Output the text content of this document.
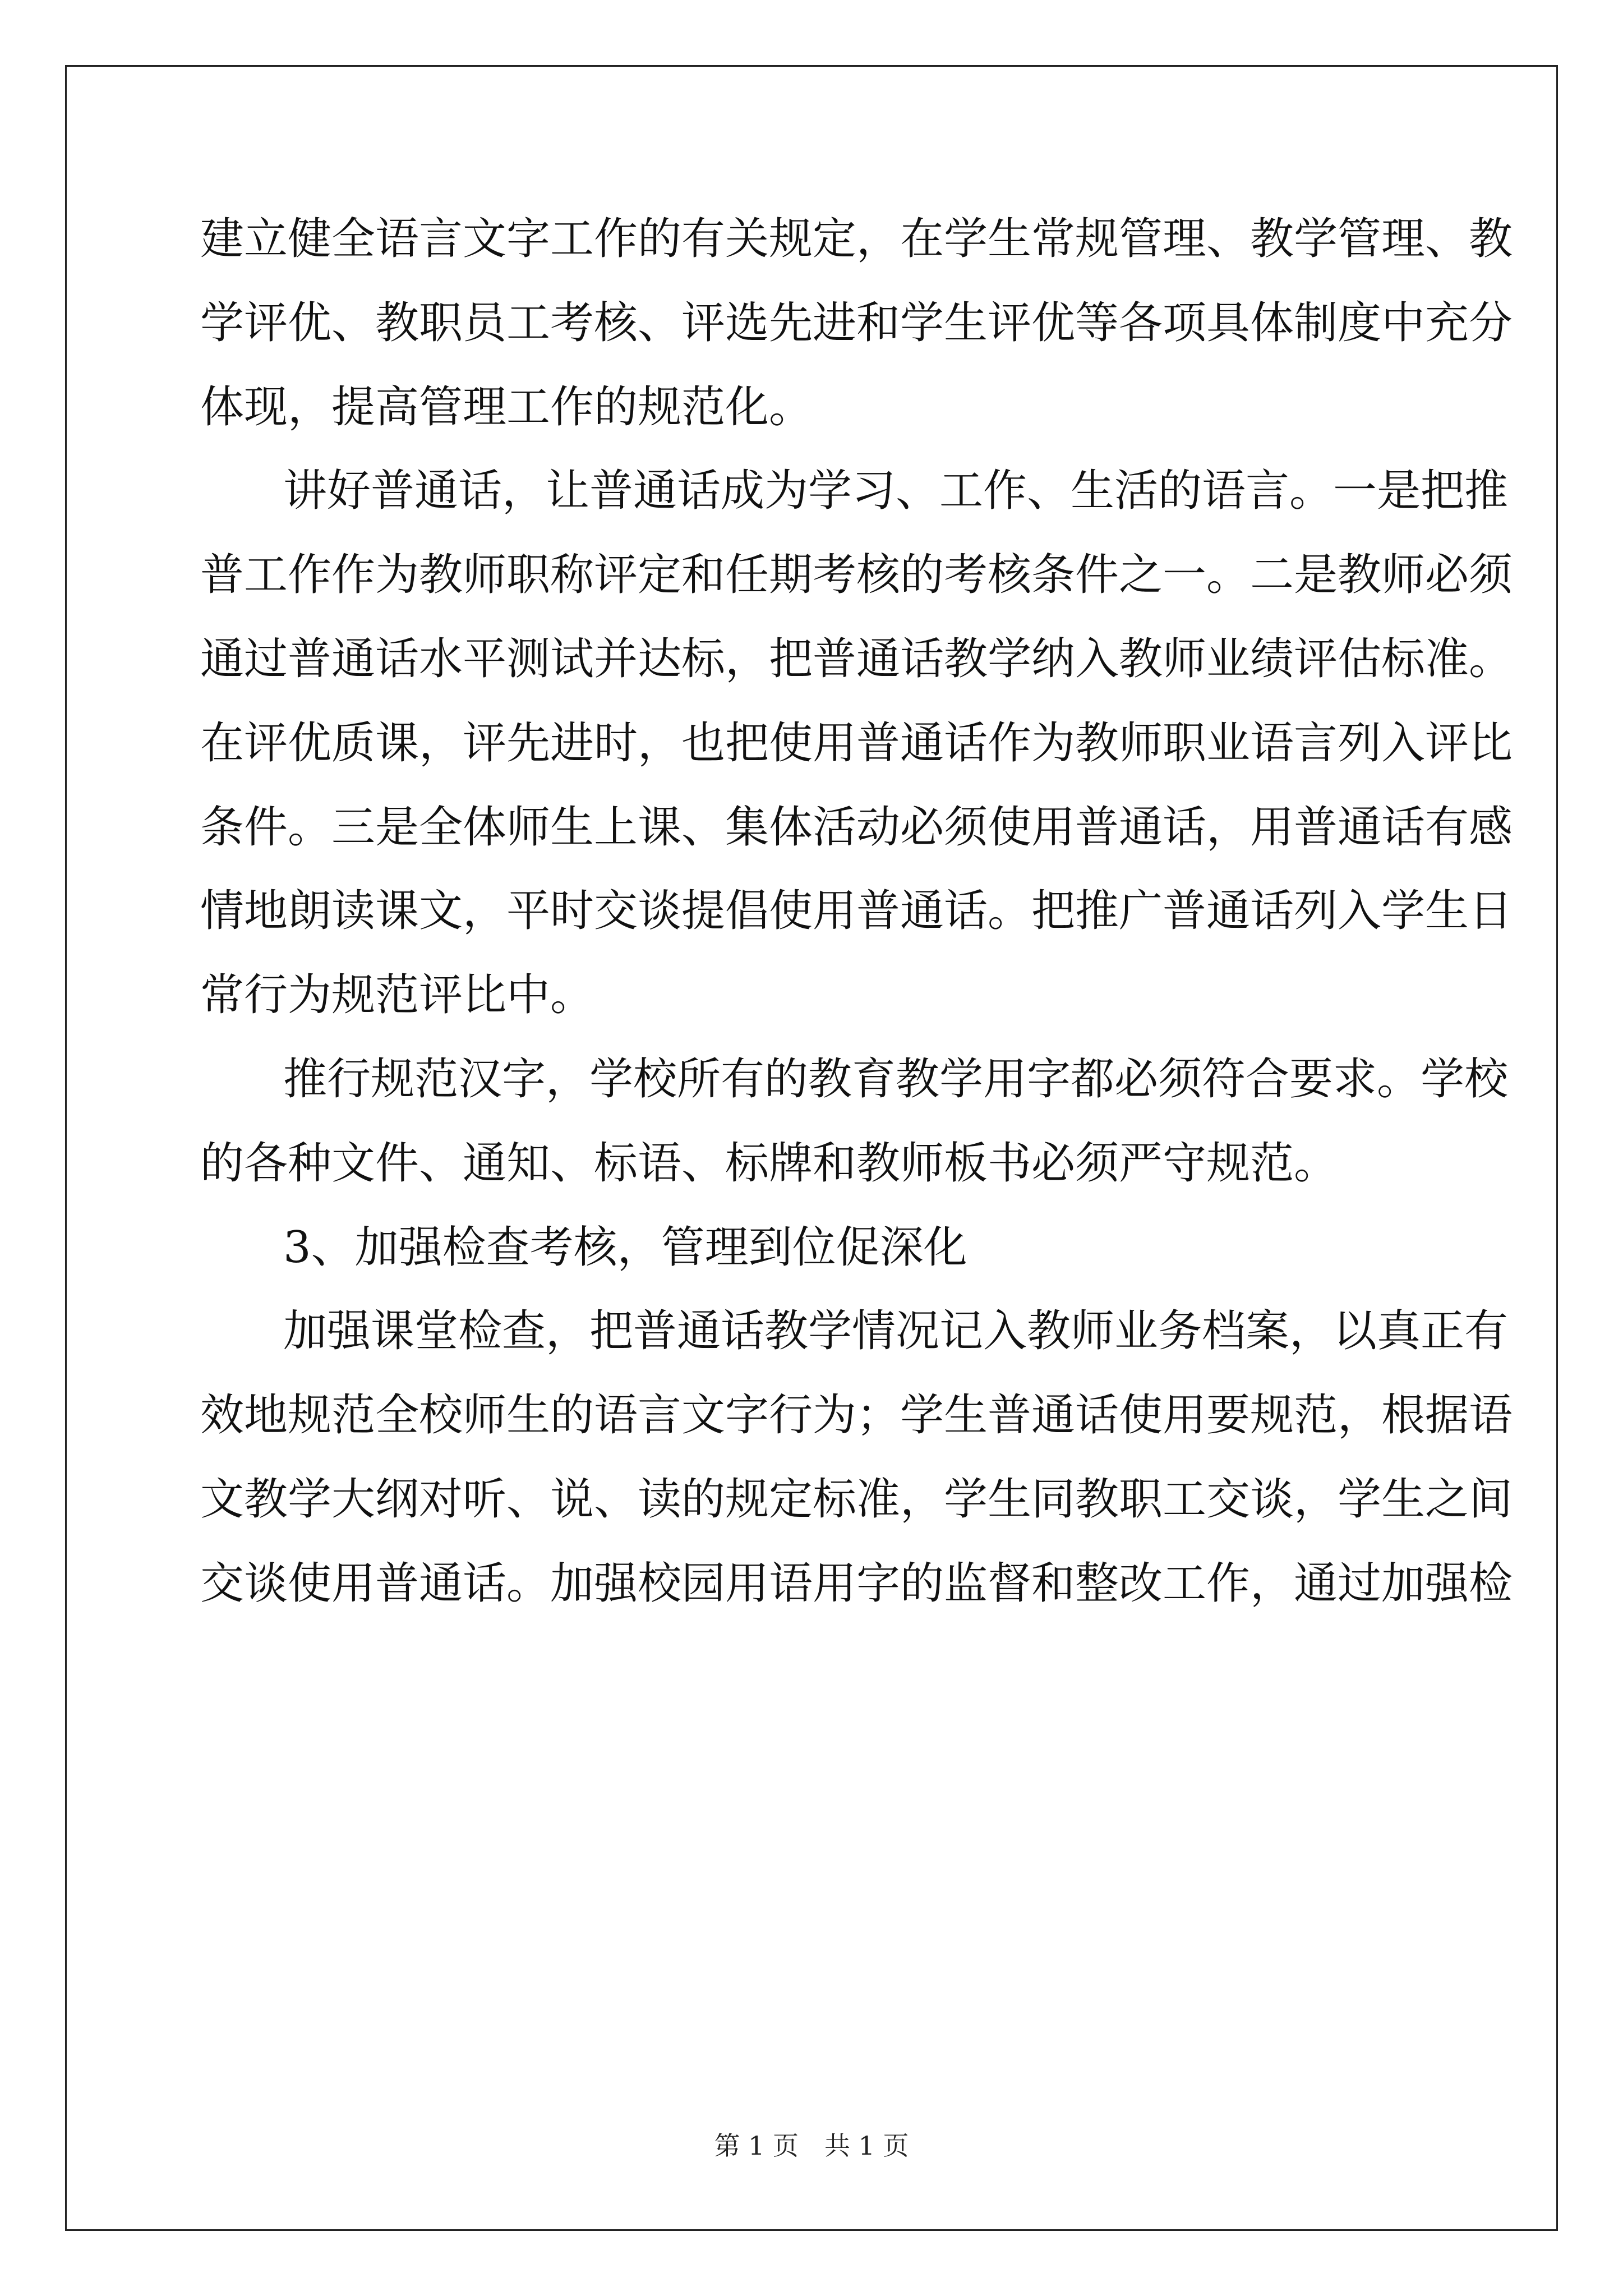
建立健全语言文字工作的有关规定，在学生常规管理、教学管理、教
学评优、教职员工考核、评选先进和学生评优等各项具体制度中充分
体现，提高管理工作的规范化。
讲好普通话，让普通话成为学习、工作、生活的语言。一是把推
普工作作为教师职称评定和任期考核的考核条件之一。二是教师必须
通过普通话水平测试并达标，把普通话教学纳入教师业绩评估标准。
在评优质课，评先进时，也把使用普通话作为教师职业语言列入评比
条件。三是全体师生上课、集体活动必须使用普通话，用普通话有感
情地朗读课文，平时交谈提倡使用普通话。把推广普通话列入学生日
常行为规范评比中。
推行规范汉字，学校所有的教育教学用字都必须符合要求。学校
的各种文件、通知、标语、标牌和教师板书必须严守规范。
3、加强检查考核，管理到位促深化
加强课堂检查，把普通话教学情况记入教师业务档案，以真正有
效地规范全校师生的语言文字行为；学生普通话使用要规范，根据语
文教学大纲对听、说、读的规定标准，学生同教职工交谈，学生之间
交谈使用普通话。加强校园用语用字的监督和整改工作，通过加强检
第 1 页　共 1 页
